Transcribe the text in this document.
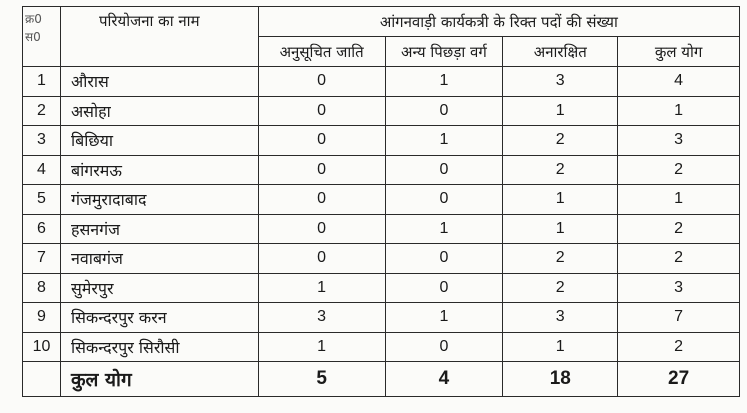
क्र0
स0	परियोजना का नाम	आंगनवाड़ी कार्यकत्री के रिक्त पदों की संख्या			
		अनुसूचित जाति	अन्य पिछड़ा वर्ग	अनारक्षित	कुल योग
1	औरास	0	1	3	4
2	असोहा	0	0	1	1
3	बिछिया	0	1	2	3
4	बांगरमऊ	0	0	2	2
5	गंजमुरादाबाद	0	0	1	1
6	हसनगंज	0	1	1	2
7	नवाबगंज	0	0	2	2
8	सुमेरपुर	1	0	2	3
9	सिकन्दरपुर करन	3	1	3	7
10	सिकन्दरपुर सिरौसी	1	0	1	2
	कुल योग	5	4	18	27
